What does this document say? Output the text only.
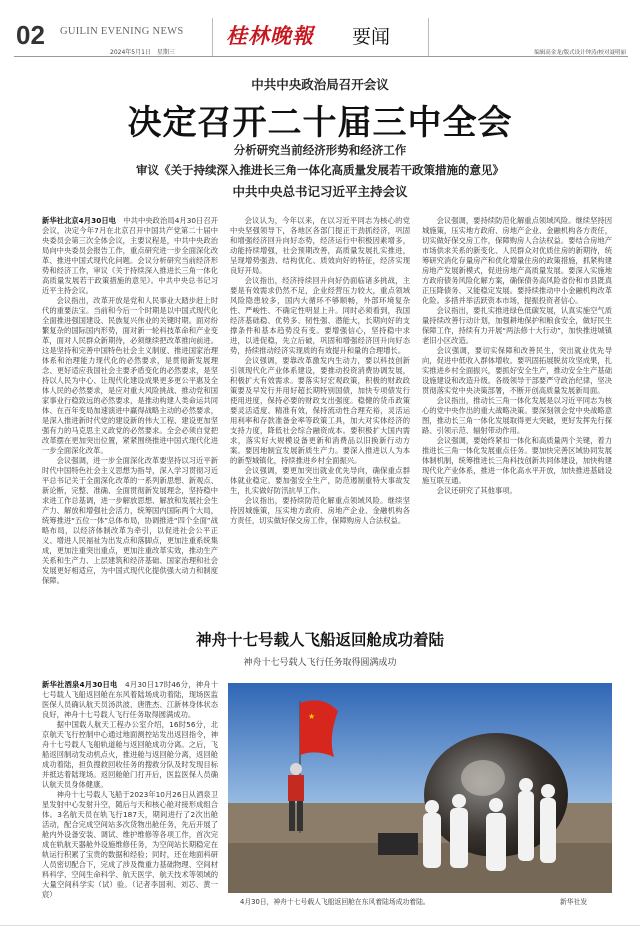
02 GUILIN EVENING NEWS
2024年5月1日　星期三
桂林晚報 要闻
编辑高金龙/版式设计钟涛/校对聂明丽
中共中央政治局召开会议
决定召开二十届三中全会
分析研究当前经济形势和经济工作
审议《关于持续深入推进长三角一体化高质量发展若干政策措施的意见》
中共中央总书记习近平主持会议

新华社北京4月30日电　 中共中央政治局4月30日召开会议，决定今年7月在北京召开中国共产党第二十届中央委员会第三次全体会议，主要议程是，中共中央政治局向中央委员会报告工作，重点研究进一步全面深化改革、推进中国式现代化问题。会议分析研究当前经济形势和经济工作，审议《关于持续深入推进长三角一体化高质量发展若干政策措施的意见》。中共中央总书记习近平主持会议。

会议指出，改革开放是党和人民事业大踏步赶上时代的重要法宝。当前和今后一个时期是以中国式现代化全面推进强国建设、民族复兴伟业的关键时期。面对纷繁复杂的国际国内形势，面对新一轮科技革命和产业变革，面对人民群众新期待，必须继续把改革推向前进。这是坚持和完善中国特色社会主义制度、推进国家治理体系和治理能力现代化的必然要求，是贯彻新发展理念、更好适应我国社会主要矛盾变化的必然要求，是坚持以人民为中心、让现代化建设成果更多更公平惠及全体人民的必然要求，是应对重大风险挑战、推动党和国家事业行稳致远的必然要求，是推动构建人类命运共同体、在百年变局加速演进中赢得战略主动的必然要求，是深入推进新时代党的建设新的伟大工程、建设更加坚强有力的马克思主义政党的必然要求。全会必须自觉把改革摆在更加突出位置，紧紧围绕推进中国式现代化进一步全面深化改革。

会议强调，进一步全面深化改革要坚持以习近平新时代中国特色社会主义思想为指导，深入学习贯彻习近平总书记关于全面深化改革的一系列新思想、新观点、新论断，完整、准确、全面贯彻新发展理念，坚持稳中求进工作总基调，进一步解放思想、解放和发展社会生产力、解放和增强社会活力，统筹国内国际两个大局，统筹推进“五位一体”总体布局，协调推进“四个全面”战略布局，以经济体制改革为牵引，以促进社会公平正义、增进人民福祉为出发点和落脚点，更加注重系统集成，更加注重突出重点，更加注重改革实效，推动生产关系和生产力、上层建筑和经济基础、国家治理和社会发展更好相适应，为中国式现代化提供强大动力和制度保障。

会议认为，今年以来，在以习近平同志为核心的党中央坚强领导下，各地区各部门提正干劲抓经济，巩固和增强经济回升向好态势，经济运行中积极因素增多，动能持续增强，社会预期改善，高质量发展扎实推进，呈现增势强劲、结构优化、质效向好的特征，经济实现良好开局。

会议指出，经济持续回升向好仍面临诸多挑战，主要是有效需求仍然不足，企业经营压力较大，重点领域风险隐患较多，国内大循环不够顺畅，外部环境复杂性、严峻性、不确定性明显上升。同时必须看到，我国经济基础稳、优势多、韧性强、潜能大，长期向好的支撑条件和基本趋势没有变。要增强信心，坚持稳中求进，以进促稳，先立后破，巩固和增强经济回升向好态势，持续推动经济实现质的有效提升和量的合理增长。

会议强调，要靠改革激发内生动力，要以科技创新引领现代化产业体系建设，要推动投资消费协调发展，积极扩大有效需求。要落实好宏观政策，积极的财政政策要及早发行并用好超长期特别国债，加快专项债发行使用进度，保持必要的财政支出强度。稳健的货币政策要灵活适度、精准有效，保持流动性合理充裕，灵活运用利率和存款准备金率等政策工具，加大对实体经济的支持力度，降低社会综合融资成本。要积极扩大国内需求，落实好大规模设备更新和消费品以旧换新行动方案。要因地制宜发展新质生产力。要深入推进以人为本的新型城镇化，持续推进乡村全面振兴。

会议强调，要更加突出就业优先导向，确保重点群体就业稳定。要加强安全生产，防范遏制重特大事故发生，扎实做好防汛抗旱工作。

会议指出，要持续防范化解重点领域风险。继续坚持因城施策，压实地方政府、房地产企业、金融机构各方责任，切实做好保交房工作，保障购房人合法权益。

会议强调，要持续防范化解重点领域风险。继续坚持因城施策，压实地方政府、房地产企业、金融机构各方责任，切实做好保交房工作，保障购房人合法权益。要结合房地产市场供求关系的新变化、人民群众对优质住房的新期待，统筹研究消化存量房产和优化增量住房的政策措施，抓紧构建房地产发展新模式，促进房地产高质量发展。要深入实施地方政府债务风险化解方案，确保债务高风险省份和市县既真正压降债务、又能稳定发展。要持续推动中小金融机构改革化险。多措并举活跃资本市场，提振投资者信心。

会议指出，要扎实推进绿色低碳发展，认真实施空气质量持续改善行动计划，加强耕地保护和粮食安全，做好民生保障工作，持续有力开展“两法修十大行动”，加快推进城镇老旧小区改造。

会议强调，要切实保障和改善民生，突出就业优先导向，促进中低收入群体增收。要巩固拓展脱贫攻坚成果，扎实推进乡村全面振兴，要抓好安全生产，推动安全生产基础设施建设和改造升级。各级领导干部要严守政治纪律，坚决贯彻落实党中央决策部署，不断开创高质量发展新局面。

会议指出，推动长三角一体化发展是以习近平同志为核心的党中央作出的重大战略决策。要深刻领会党中央战略意图，推动长三角一体化发展取得更大突破，更好发挥先行探路、引领示范、辐射带动作用。

会议强调，要始终紧扣一体化和高质量两个关键，着力推进长三角一体化发展重点任务。要加快完善区域协同发展体制机制，统筹推进长三角科技创新共同体建设，加快构建现代化产业体系，推进一体化高水平开放，加快推进基础设施互联互通。

会议还研究了其他事项。

神舟十七号载人飞船返回舱成功着陆
神舟十七号载人飞行任务取得圆满成功

新华社酒泉4月30日电　 4月30日17时46分，神舟十七号载人飞船返回舱在东风着陆场成功着陆，现场医监医保人员确认航天员汤洪波、唐胜杰、江新林身体状态良好，神舟十七号载人飞行任务取得圆满成功。

据中国载人航天工程办公室介绍，16时56分，北京航天飞行控制中心通过地面测控站发出返回指令，神舟十七号载人飞船轨道舱与返回舱成功分离。之后，飞船返回制动发动机点火，推进舱与返回舱分离，返回舱成功着陆，担负搜救回收任务的搜救分队及时发现目标并抵达着陆现场。返回舱舱门打开后，医监医保人员确认航天员身体健康。

神舟十七号载人飞船于2023年10月26日从酒泉卫星发射中心发射升空，随后与天和核心舱对接形成组合体。3名航天员在轨飞行187天，期间进行了2次出舱活动，配合完成空间站多次货物出舱任务，先后开展了舱内外设备安装、调试、维护维修等各项工作，首次完成在轨航天器舱外设施维修任务，为空间站长期稳定在轨运行积累了宝贵的数据和经验；同时，还在地面科研人员密切配合下，完成了涉及微重力基础物理、空间材料科学、空间生命科学、航天医学、航天技术等领域的大量空间科学实（试）验。（记者李国利、刘芯、黄一宸）

★
4月30日，神舟十七号载人飞船返回舱在东风着陆场成功着陆。	新华社发
